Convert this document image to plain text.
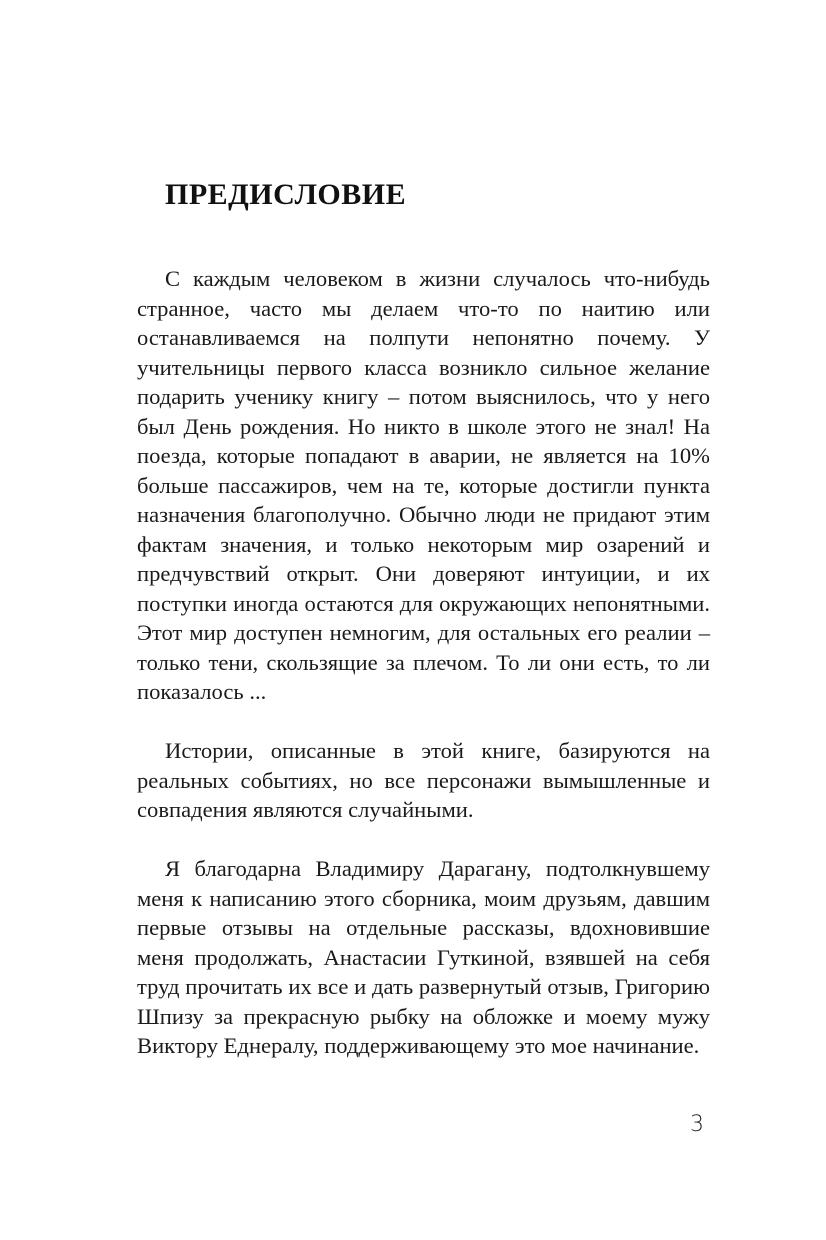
ПРЕДИСЛОВИЕ

С каждым человеком в жизни случалось что-нибудь странное, часто мы делаем что-то по наитию или останавливаемся на полпути непонятно почему. У учительницы первого класса возникло сильное желание подарить ученику книгу – потом выяснилось, что у него был День рождения. Но никто в школе этого не знал! На поезда, которые попадают в аварии, не является на 10% больше пассажиров, чем на те, которые достигли пункта назначения благополучно. Обычно люди не придают этим фактам значения, и только некоторым мир озарений и предчувствий открыт. Они доверяют интуиции, и их поступки иногда остаются для окружающих непонятными. Этот мир доступен немногим, для остальных его реалии – только тени, скользящие за плечом. То ли они есть, то ли показалось ...

Истории, описанные в этой книге, базируются на реальных событиях, но все персонажи вымышленные и совпадения являются случайными.

Я благодарна Владимиру Дарагану, подтолкнувшему меня к написанию этого сборника, моим друзьям, давшим первые отзывы на отдельные рассказы, вдохновившие меня продолжать, Анастасии Гуткиной, взявшей на себя труд прочитать их все и дать развернутый отзыв, Григорию Шпизу за прекрасную рыбку на обложке и моему мужу Виктору Еднералу, поддерживающему это мое начинание.

3
